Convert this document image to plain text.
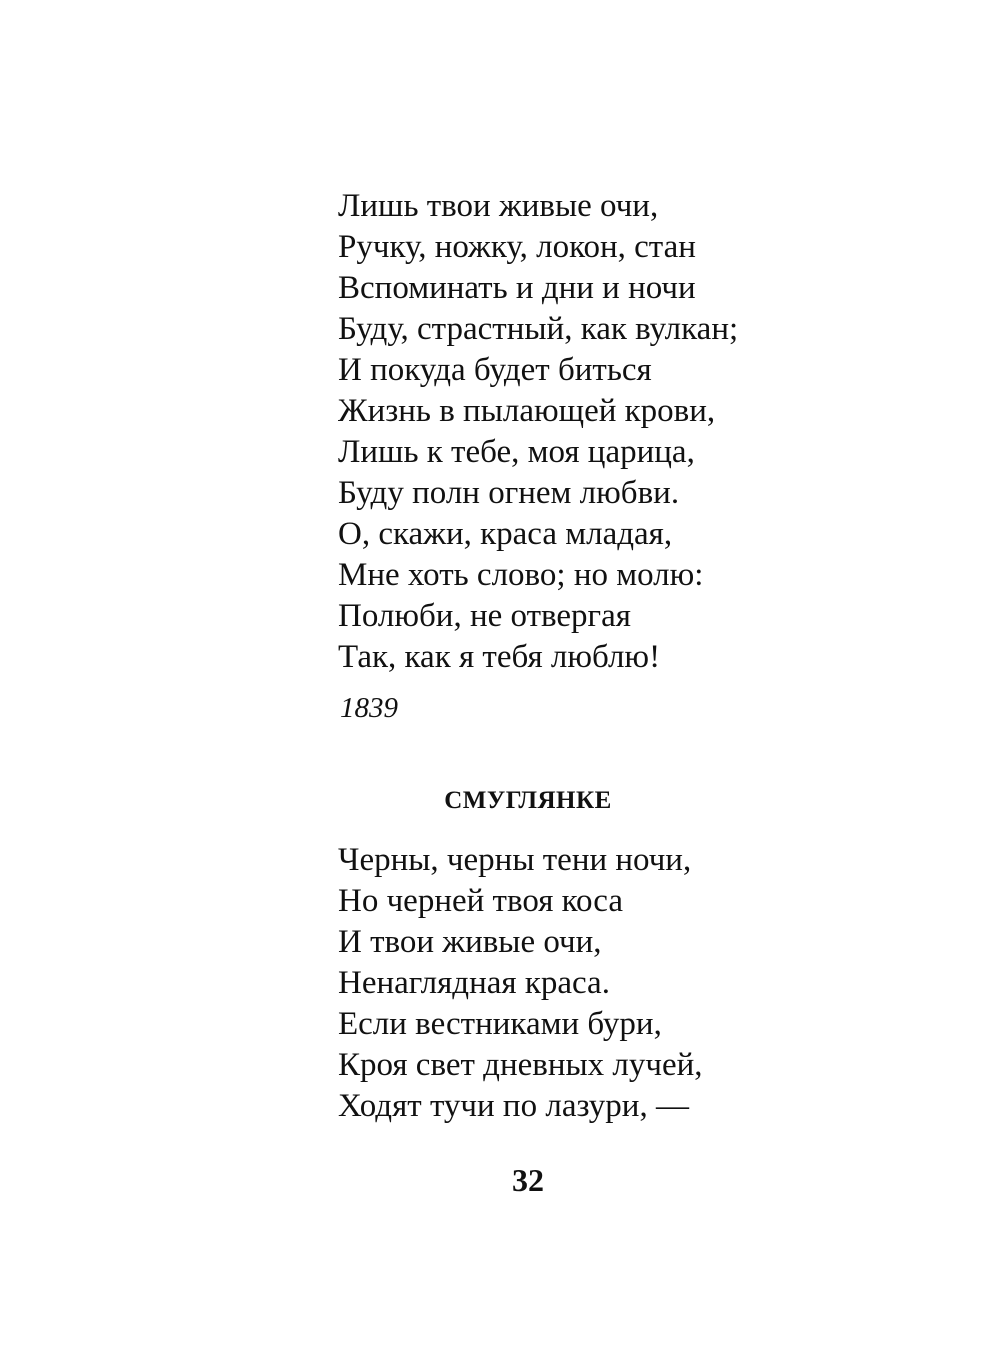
Лишь твои живые очи,
Ручку, ножку, локон, стан
Вспоминать и дни и ночи
Буду, страстный, как вулкан;
И покуда будет биться
Жизнь в пылающей крови,
Лишь к тебе, моя царица,
Буду полн огнем любви.
О, скажи, краса младая,
Мне хоть слово; но молю:
Полюби, не отвергая
Так, как я тебя люблю!

1839

СМУГЛЯНКЕ
Черны, черны тени ночи,
Но черней твоя коса
И твои живые очи,
Ненаглядная краса.
Если вестниками бури,
Кроя свет дневных лучей,
Ходят тучи по лазури, —
32
